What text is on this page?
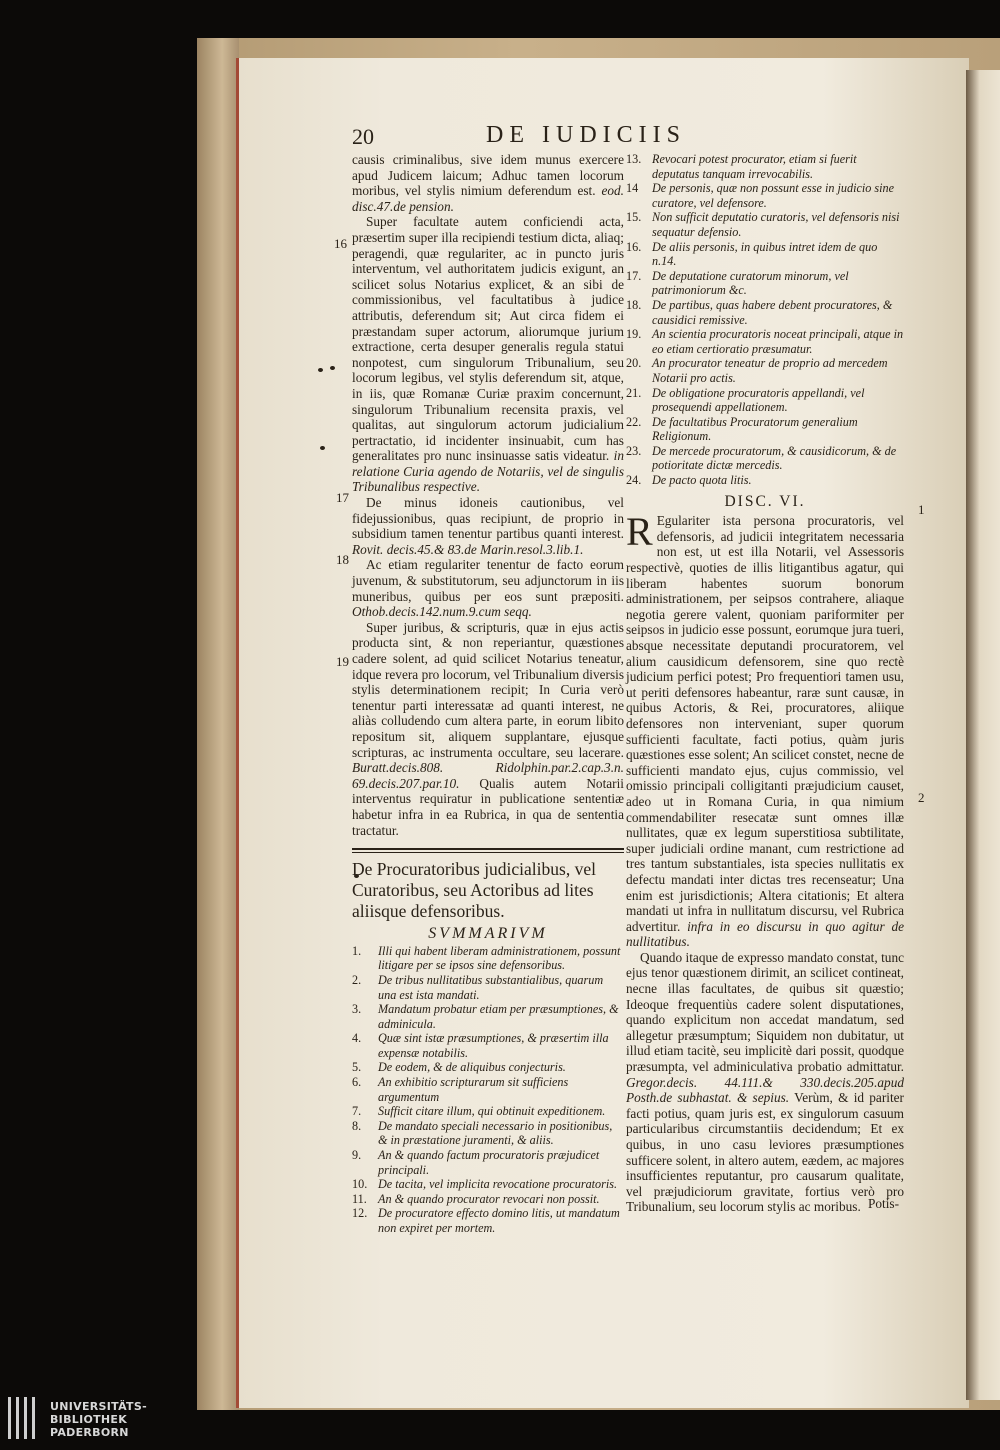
20	DE IUDICIIS
16
17
18
19
1
2

causis criminalibus, sive idem munus exercere apud Judicem laicum; Adhuc tamen locorum moribus, vel stylis nimium deferendum est. eod. disc.47.de pension.

Super facultate autem conficiendi acta, præsertim super illa recipiendi testium dicta, aliaq; peragendi, quæ regulariter, ac in puncto juris interventum, vel authoritatem judicis exigunt, an scilicet solus Notarius explicet, & an sibi de commissionibus, vel facultatibus à judice attributis, deferendum sit; Aut circa fidem ei præstandam super actorum, aliorumque jurium extractione, certa desuper generalis regula statui nonpotest, cum singulorum Tribunalium, seu locorum legibus, vel stylis deferendum sit, atque, in iis, quæ Romanæ Curiæ praxim concernunt, singulorum Tribunalium recensita praxis, vel qualitas, aut singulorum actorum judicialium pertractatio, id incidenter insinuabit, cum has generalitates pro nunc insinuasse satis videatur. in relatione Curia agendo de Notariis, vel de singulis Tribunalibus respective.

De minus idoneis cautionibus, vel fidejussionibus, quas recipiunt, de proprio in subsidium tamen tenentur partibus quanti interest. Rovit. decis.45.& 83.de Marin.resol.3.lib.1.

Ac etiam regulariter tenentur de facto eorum juvenum, & substitutorum, seu adjunctorum in iis muneribus, quibus per eos sunt præpositi. Othob.decis.142.num.9.cum seqq.

Super juribus, & scripturis, quæ in ejus actis producta sint, & non reperiantur, quæstiones cadere solent, ad quid scilicet Notarius teneatur, idque revera pro locorum, vel Tribunalium diversis stylis determinationem recipit; In Curia verò tenentur parti interessatæ ad quanti interest, ne aliàs colludendo cum altera parte, in eorum libito repositum sit, aliquem supplantare, ejusque scripturas, ac instrumenta occultare, seu lacerare. Buratt.decis.808. Ridolphin.par.2.cap.3.n. 69.decis.207.par.10. Qualis autem Notarii interventus requiratur in publicatione sententiæ habetur infra in ea Rubrica, in qua de sententia tractatur.

De Procuratoribus judicialibus, vel Curatoribus, seu Actoribus ad lites aliisque defensoribus.
SVMMARIVM

1. Illi qui habent liberam administrationem, possunt litigare per se ipsos sine defensoribus.

2. De tribus nullitatibus substantialibus, quarum una est ista mandati.

3. Mandatum probatur etiam per præsumptiones, & adminicula.

4. Quæ sint istæ præsumptiones, & præsertim illa expensæ notabilis.

5. De eodem, & de aliquibus conjecturis.

6. An exhibitio scripturarum sit sufficiens argumentum

7. Sufficit citare illum, qui obtinuit expeditionem.

8. De mandato speciali necessario in positionibus, & in præstatione juramenti, & aliis.

9. An & quando factum procuratoris præjudicet principali.

10. De tacita, vel implicita revocatione procuratoris.

11. An & quando procurator revocari non possit.

12. De procuratore effecto domino litis, ut mandatum non expiret per mortem.

13. Revocari potest procurator, etiam si fuerit deputatus tanquam irrevocabilis.

14 De personis, quæ non possunt esse in judicio sine curatore, vel defensore.

15. Non sufficit deputatio curatoris, vel defensoris nisi sequatur defensio.

16. De aliis personis, in quibus intret idem de quo n.14.

17. De deputatione curatorum minorum, vel patrimoniorum &c.

18. De partibus, quas habere debent procuratores, & causidici remissive.

19. An scientia procuratoris noceat principali, atque in eo etiam certioratio præsumatur.

20. An procurator teneatur de proprio ad mercedem Notarii pro actis.

21. De obligatione procuratoris appellandi, vel prosequendi appellationem.

22. De facultatibus Procuratorum generalium Religionum.

23. De mercede procuratorum, & causidicorum, & de potioritate dictæ mercedis.

24. De pacto quota litis.

DISC. VI.

R Egulariter ista persona procuratoris, vel defensoris, ad judicii integritatem necessaria non est, ut est illa Notarii, vel Assessoris respectivè, quoties de illis litigantibus agatur, qui liberam habentes suorum bonorum administrationem, per seipsos contrahere, aliaque negotia gerere valent, quoniam pariformiter per seipsos in judicio esse possunt, eorumque jura tueri, absque necessitate deputandi procuratorem, vel alium causidicum defensorem, sine quo rectè judicium perfici potest; Pro frequentiori tamen usu, ut periti defensores habeantur, raræ sunt causæ, in quibus Actoris, & Rei, procuratores, aliique defensores non interveniant, super quorum sufficienti facultate, facti potius, quàm juris quæstiones esse solent; An scilicet constet, necne de sufficienti mandato ejus, cujus commissio, vel omissio principali colligitanti præjudicium causet, adeo ut in Romana Curia, in qua nimium commendabiliter resecatæ sunt omnes illæ nullitates, quæ ex legum superstitiosa subtilitate, super judiciali ordine manant, cum restrictione ad tres tantum substantiales, ista species nullitatis ex defectu mandati inter dictas tres recenseatur; Una enim est jurisdictionis; Altera citationis; Et altera mandati ut infra in nullitatum discursu, vel Rubrica advertitur. infra in eo discursu in quo agitur de nullitatibus.

Quando itaque de expresso mandato constat, tunc ejus tenor quæstionem dirimit, an scilicet contineat, necne illas facultates, de quibus sit quæstio; Ideoque frequentiùs cadere solent disputationes, quando explicitum non accedat mandatum, sed allegetur præsumptum; Siquidem non dubitatur, ut illud etiam tacitè, seu implicitè dari possit, quodque præsumpta, vel adminiculativa probatio admittatur. Gregor.decis. 44.111.& 330.decis.205.apud Posth.de subhastat. & sepius. Verùm, & id pariter facti potius, quam juris est, ex singulorum casuum particularibus circumstantiis decidendum; Et ex quibus, in uno casu leviores præsumptiones sufficere solent, in altero autem, eædem, ac majores insufficientes reputantur, pro causarum qualitate, vel præjudiciorum gravitate, fortius verò pro Tribunalium, seu locorum stylis ac moribus. Potis-
UNIVERSITÄTS-
BIBLIOTHEK
PADERBORN
